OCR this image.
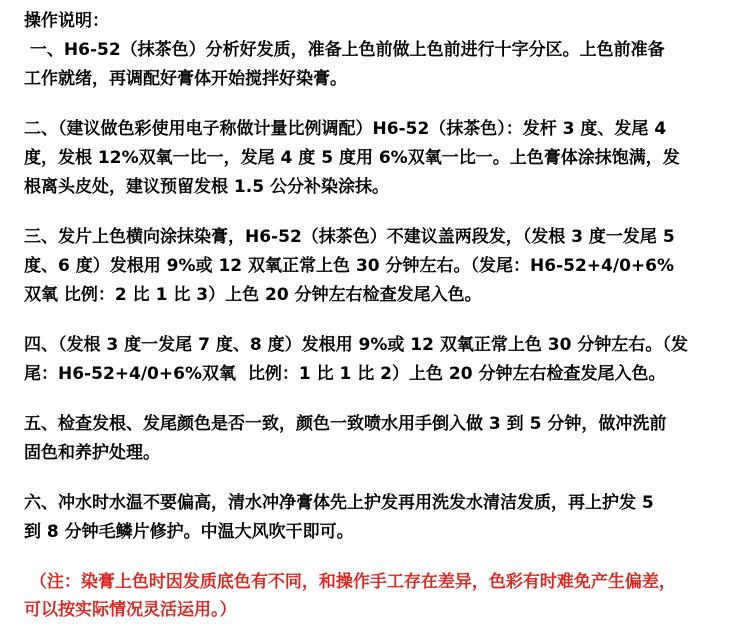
操作说明：
一、H6-52（抹茶色）分析好发质，准备上色前做上色前进行十字分区。上色前准备
工作就绪，再调配好膏体开始搅拌好染膏。
二、（建议做色彩使用电子称做计量比例调配）H6-52（抹茶色）：发杆 3 度、发尾 4
度，发根 12%双氧一比一，发尾 4 度 5 度用 6%双氧一比一。上色膏体涂抹饱满，发
根离头皮处，建议预留发根 1.5 公分补染涂抹。
三、发片上色横向涂抹染膏，H6-52（抹茶色）不建议盖两段发，（发根 3 度一发尾 5
度、6 度）发根用 9%或 12 双氧正常上色 30 分钟左右。（发尾：H6-52+4/0+6%
双氧 比例：2 比 1 比 3）上色 20 分钟左右检查发尾入色。
四、（发根 3 度一发尾 7 度、8 度）发根用 9%或 12 双氧正常上色 30 分钟左右。（发
尾：H6-52+4/0+6%双氧  比例：1 比 1 比 2）上色 20 分钟左右检查发尾入色。
五、检查发根、发尾颜色是否一致，颜色一致喷水用手倒入做 3 到 5 分钟，做冲洗前
固色和养护处理。
六、冲水时水温不要偏高，清水冲净膏体先上护发再用洗发水清洁发质，再上护发 5
到 8 分钟毛鳞片修护。中温大风吹干即可。
（注：染膏上色时因发质底色有不同，和操作手工存在差异，色彩有时难免产生偏差，
可以按实际情况灵活运用。）
